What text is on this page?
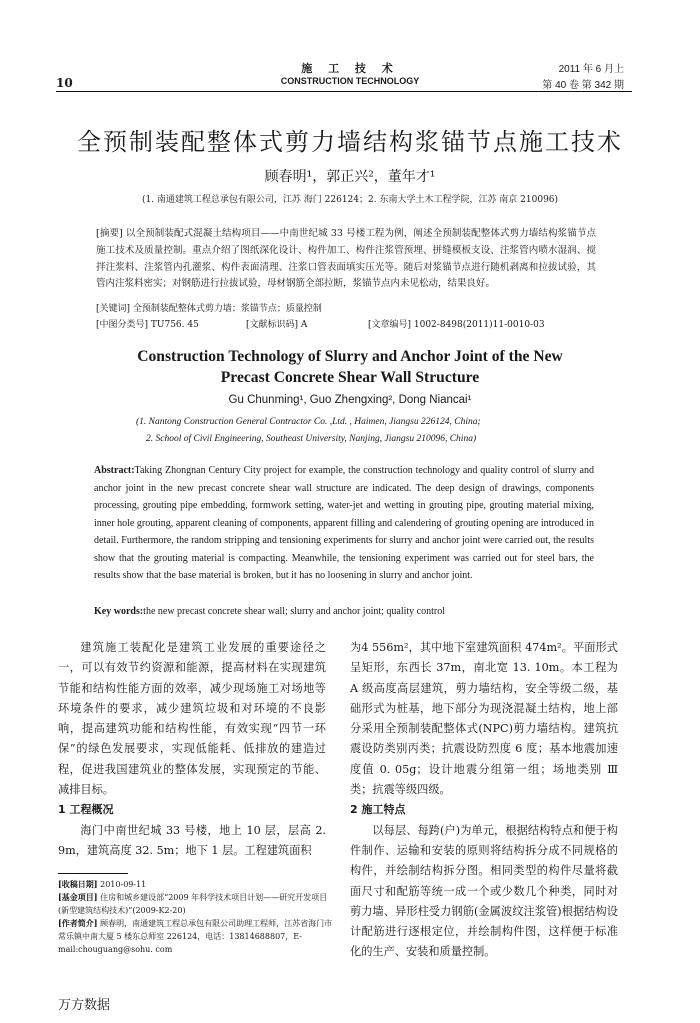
10
施 工 技 术
CONSTRUCTION TECHNOLOGY
2011 年 6 月上
第 40 卷 第 342 期
全预制装配整体式剪力墙结构浆锚节点施工技术
顾春明¹，郭正兴²，董年才¹
(1. 南通建筑工程总承包有限公司，江苏 海门 226124；2. 东南大学土木工程学院，江苏 南京 210096)
[摘要] 以全预制装配式混凝土结构项目——中南世纪城 33 号楼工程为例，阐述全预制装配整体式剪力墙结构浆锚节点施工技术及质量控制。重点介绍了图纸深化设计、构件加工、构件注浆管预埋、拼缝模板支设、注浆管内喷水湿润、搅拌注浆料、注浆管内孔灌浆、构件表面清理、注浆口管表面填实压光等。随后对浆锚节点进行随机剥离和拉拔试验，其管内注浆料密实；对钢筋进行拉拔试验，母材钢筋全部拉断，浆锚节点内未见松动，结果良好。
[关键词] 全预制装配整体式剪力墙；浆锚节点；质量控制
[中图分类号] TU756. 45	[文献标识码] A	[文章编号] 1002-8498(2011)11-0010-03
Construction Technology of Slurry and Anchor Joint of the New
Precast Concrete Shear Wall Structure
Gu Chunming¹, Guo Zhengxing², Dong Niancai¹
(1. Nantong Construction General Contractor Co. ,Ltd. , Haimen, Jiangsu 226124, China;
2. School of Civil Engineering, Southeast University, Nanjing, Jiangsu 210096, China)
Abstract:Taking Zhongnan Century City project for example, the construction technology and quality control of slurry and anchor joint in the new precast concrete shear wall structure are indicated. The deep design of drawings, components processing, grouting pipe embedding, formwork setting, water-jet and wetting in grouting pipe, grouting material mixing, inner hole grouting, apparent cleaning of components, apparent filling and calendering of grouting opening are introduced in detail. Furthermore, the random stripping and tensioning experiments for slurry and anchor joint were carried out, the results show that the grouting material is compacting. Meanwhile, the tensioning experiment was carried out for steel bars, the results show that the base material is broken, but it has no loosening in slurry and anchor joint.
Key words:the new precast concrete shear wall; slurry and anchor joint; quality control
建筑施工装配化是建筑工业发展的重要途径之一，可以有效节约资源和能源，提高材料在实现建筑节能和结构性能方面的效率，减少现场施工对场地等环境条件的要求，减少建筑垃圾和对环境的不良影响，提高建筑功能和结构性能，有效实现“四节一环保”的绿色发展要求，实现低能耗、低排放的建造过程，促进我国建筑业的整体发展，实现预定的节能、减排目标。
1 工程概况
海门中南世纪城 33 号楼，地上 10 层，层高 2. 9m，建筑高度 32. 5m；地下 1 层。工程建筑面积
为4 556m²，其中地下室建筑面积 474m²。平面形式呈矩形，东西长 37m，南北宽 13. 10m。本工程为 A 级高度高层建筑，剪力墙结构，安全等级二级，基础形式为桩基，地下部分为现浇混凝土结构，地上部分采用全预制装配整体式(NPC)剪力墙结构。建筑抗震设防类别丙类；抗震设防烈度 6 度；基本地震加速度值 0. 05g；设计地震分组第一组；场地类别 Ⅲ 类；抗震等级四级。
2 施工特点
以每层、每跨(户)为单元，根据结构特点和便于构件制作、运输和安装的原则将结构拆分成不同规格的构件，并绘制结构拆分图。相同类型的构件尽量将截面尺寸和配筋等统一成一个或少数几个种类，同时对剪力墙、异形柱受力钢筋(金属波纹注浆管)根据结构设计配筋进行逐根定位，并绘制构件图，这样便于标准化的生产、安装和质量控制。
[收稿日期] 2010-09-11
[基金项目] 住房和城乡建设部“2009 年科学技术项目计划——研究开发项目(新型建筑结构技术)”(2009-K2-20)
[作者简介] 顾春明，南通建筑工程总承包有限公司助理工程师，江苏省海门市常乐镇中南大厦 5 楼东总师室 226124，电话：13814688807，E-mail:chouguang@sohu. com
万方数据
